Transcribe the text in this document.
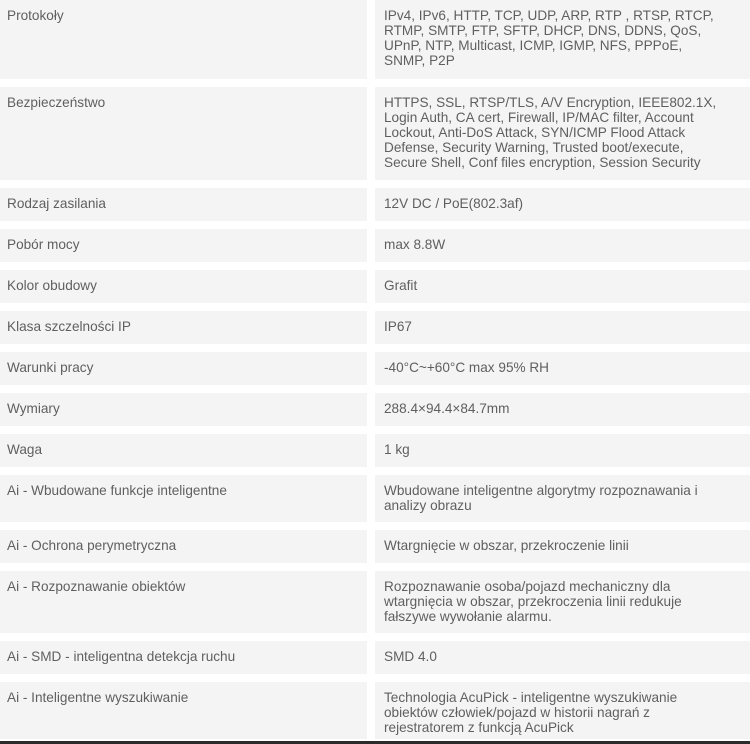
Protokoły	IPv4, IPv6, HTTP, TCP, UDP, ARP, RTP , RTSP, RTCP,
RTMP, SMTP, FTP, SFTP, DHCP, DNS, DDNS, QoS,
UPnP, NTP, Multicast, ICMP, IGMP, NFS, PPPoE,
SNMP, P2P
Bezpieczeństwo	HTTPS, SSL, RTSP/TLS, A/V Encryption, IEEE802.1X,
Login Auth, CA cert, Firewall, IP/MAC filter, Account
Lockout, Anti-DoS Attack, SYN/ICMP Flood Attack
Defense, Security Warning, Trusted boot/execute,
Secure Shell, Conf files encryption, Session Security
Rodzaj zasilania	12V DC / PoE(802.3af)
Pobór mocy	max 8.8W
Kolor obudowy	Grafit
Klasa szczelności IP	IP67
Warunki pracy	-40°C~+60°C max 95% RH
Wymiary	288.4×94.4×84.7mm
Waga	1 kg
Ai - Wbudowane funkcje inteligentne	Wbudowane inteligentne algorytmy rozpoznawania i
analizy obrazu
Ai - Ochrona perymetryczna	Wtargnięcie w obszar, przekroczenie linii
Ai - Rozpoznawanie obiektów	Rozpoznawanie osoba/pojazd mechaniczny dla
wtargnięcia w obszar, przekroczenia linii redukuje
fałszywe wywołanie alarmu.
Ai - SMD - inteligentna detekcja ruchu	SMD 4.0
Ai - Inteligentne wyszukiwanie	Technologia AcuPick - inteligentne wyszukiwanie
obiektów człowiek/pojazd w historii nagrań z
rejestratorem z funkcją AcuPick
